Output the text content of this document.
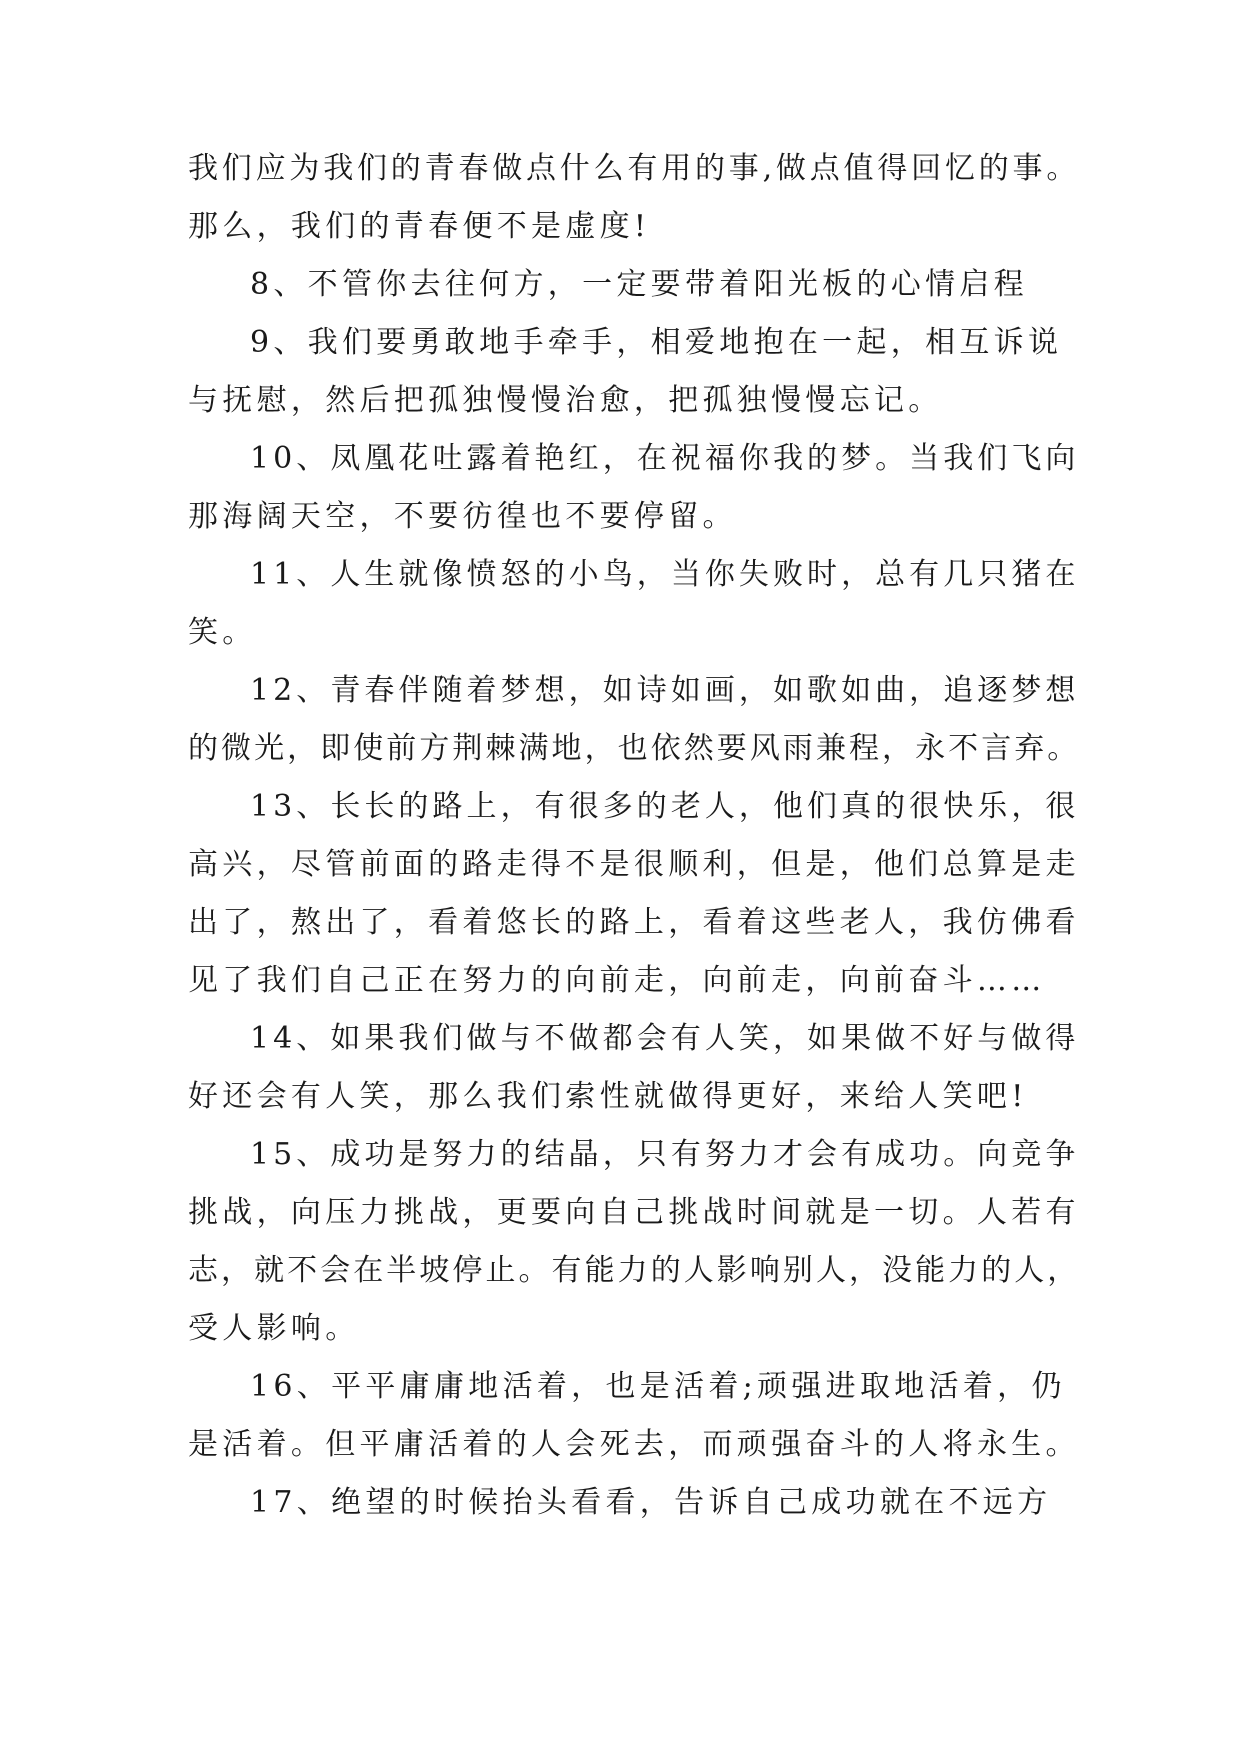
我们应为我们的青春做点什么有用的事,做点值得回忆的事。
那么，我们的青春便不是虚度!
8、不管你去往何方，一定要带着阳光板的心情启程
9、我们要勇敢地手牵手，相爱地抱在一起，相互诉说
与抚慰，然后把孤独慢慢治愈，把孤独慢慢忘记。
10、凤凰花吐露着艳红，在祝福你我的梦。当我们飞向
那海阔天空，不要彷徨也不要停留。
11、人生就像愤怒的小鸟，当你失败时，总有几只猪在
笑。
12、青春伴随着梦想，如诗如画，如歌如曲，追逐梦想
的微光，即使前方荆棘满地，也依然要风雨兼程，永不言弃。
13、长长的路上，有很多的老人，他们真的很快乐，很
高兴，尽管前面的路走得不是很顺利，但是，他们总算是走
出了，熬出了，看着悠长的路上，看着这些老人，我仿佛看
见了我们自己正在努力的向前走，向前走，向前奋斗……
14、如果我们做与不做都会有人笑，如果做不好与做得
好还会有人笑，那么我们索性就做得更好，来给人笑吧!
15、成功是努力的结晶，只有努力才会有成功。向竞争
挑战，向压力挑战，更要向自己挑战时间就是一切。人若有
志，就不会在半坡停止。有能力的人影响别人，没能力的人，
受人影响。
16、平平庸庸地活着，也是活着;顽强进取地活着，仍
是活着。但平庸活着的人会死去，而顽强奋斗的人将永生。
17、绝望的时候抬头看看，告诉自己成功就在不远方
